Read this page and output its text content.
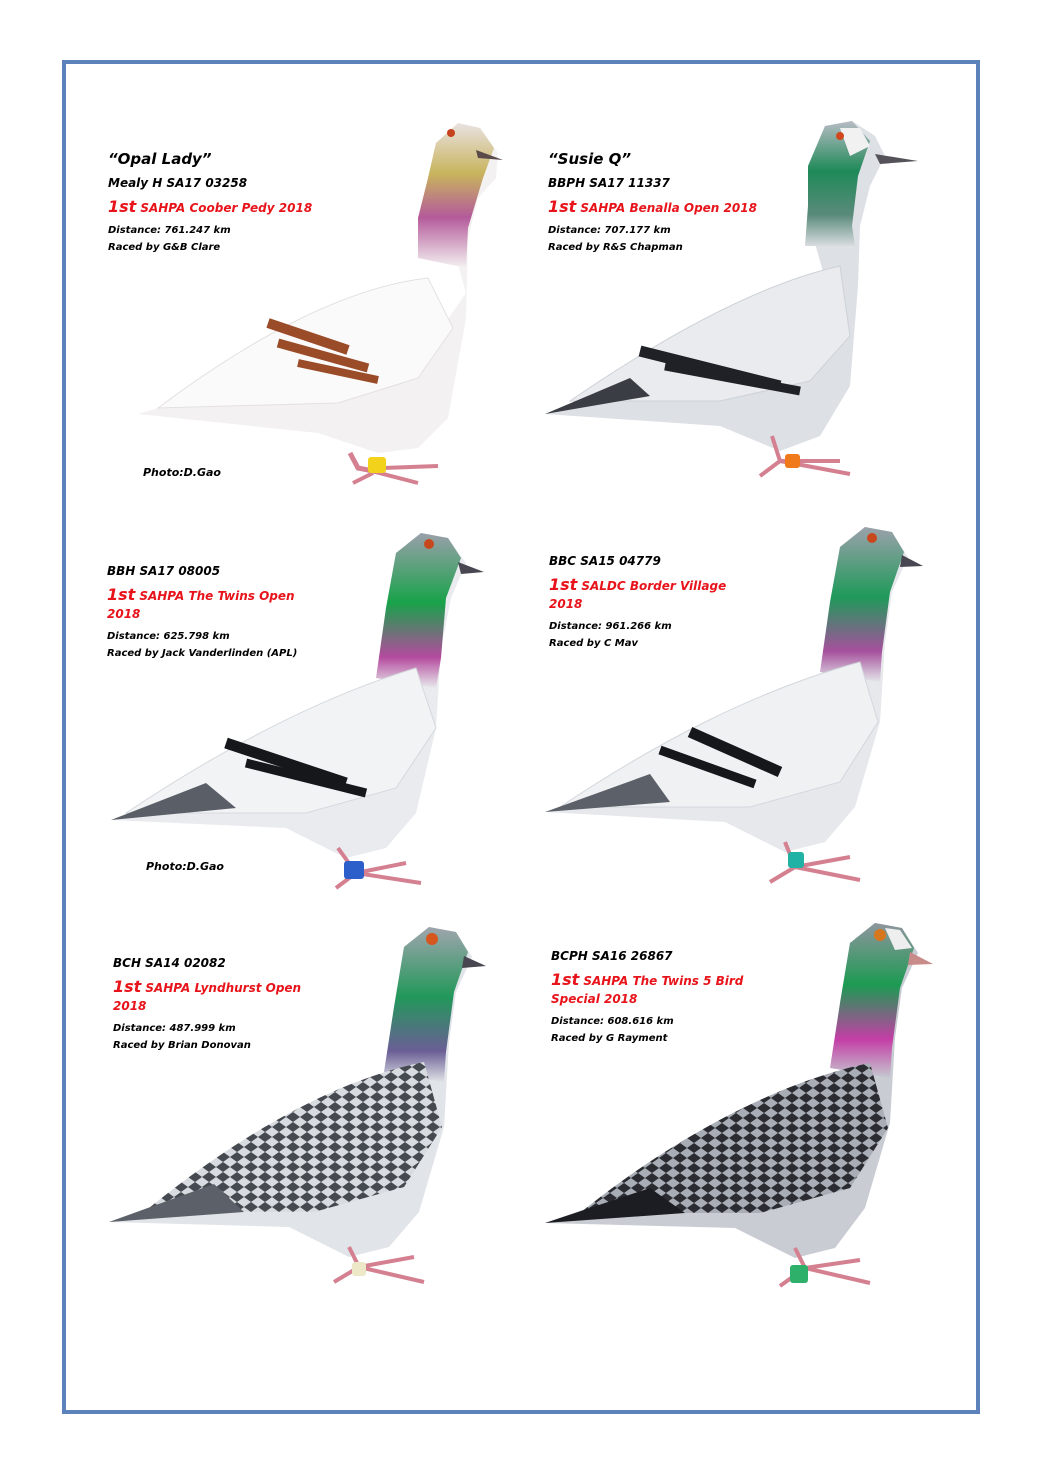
“Opal Lady”
Mealy H SA17 03258
1st SAHPA Coober Pedy 2018
Distance: 761.247 km
Raced by G&B Clare
Photo:D.Gao
“Susie Q”
BBPH SA17 11337
1st SAHPA Benalla Open 2018
Distance: 707.177 km
Raced by R&S Chapman
BBH SA17 08005
1st SAHPA The Twins Open 2018
Distance: 625.798 km
Raced by Jack Vanderlinden (APL)
Photo:D.Gao
BBC SA15 04779
1st SALDC Border Village 2018
Distance: 961.266 km
Raced by C Mav
BCH SA14 02082
1st SAHPA Lyndhurst Open 2018
Distance: 487.999 km
Raced by Brian Donovan
BCPH SA16 26867
1st SAHPA The Twins 5 Bird Special 2018
Distance: 608.616 km
Raced by G Rayment
